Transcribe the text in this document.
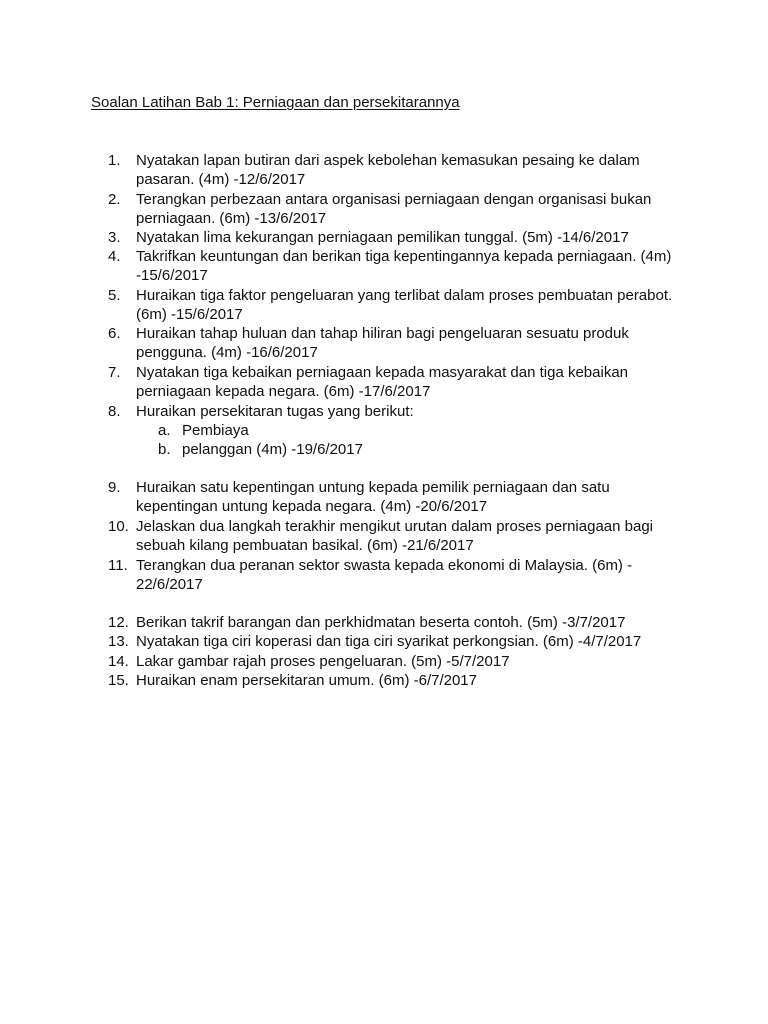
Soalan Latihan Bab 1: Perniagaan dan persekitarannya
1.	Nyatakan lapan butiran dari aspek kebolehan kemasukan pesaing ke dalam
pasaran. (4m) -12/6/2017
2.	Terangkan perbezaan antara organisasi perniagaan dengan organisasi bukan
perniagaan. (6m) -13/6/2017
3.	Nyatakan lima kekurangan perniagaan pemilikan tunggal. (5m) -14/6/2017
4.	Takrifkan keuntungan dan berikan tiga kepentingannya kepada perniagaan. (4m)
-15/6/2017
5.	Huraikan tiga faktor pengeluaran yang terlibat dalam proses pembuatan perabot.
(6m) -15/6/2017
6.	Huraikan tahap huluan dan tahap hiliran bagi pengeluaran sesuatu produk
pengguna. (4m) -16/6/2017
7.	Nyatakan tiga kebaikan perniagaan kepada masyarakat dan tiga kebaikan
perniagaan kepada negara. (6m) -17/6/2017
8.	Huraikan persekitaran tugas yang berikut:
a. Pembiaya
b. pelanggan (4m) -19/6/2017
9.	Huraikan satu kepentingan untung kepada pemilik perniagaan dan satu
kepentingan untung kepada negara. (4m) -20/6/2017
10. Jelaskan dua langkah terakhir mengikut urutan dalam proses perniagaan bagi
sebuah kilang pembuatan basikal. (6m) -21/6/2017
11. Terangkan dua peranan sektor swasta kepada ekonomi di Malaysia. (6m) -
22/6/2017
12. Berikan takrif barangan dan perkhidmatan beserta contoh. (5m) -3/7/2017
13. Nyatakan tiga ciri koperasi dan tiga ciri syarikat perkongsian. (6m) -4/7/2017
14. Lakar gambar rajah proses pengeluaran. (5m) -5/7/2017
15. Huraikan enam persekitaran umum. (6m) -6/7/2017
